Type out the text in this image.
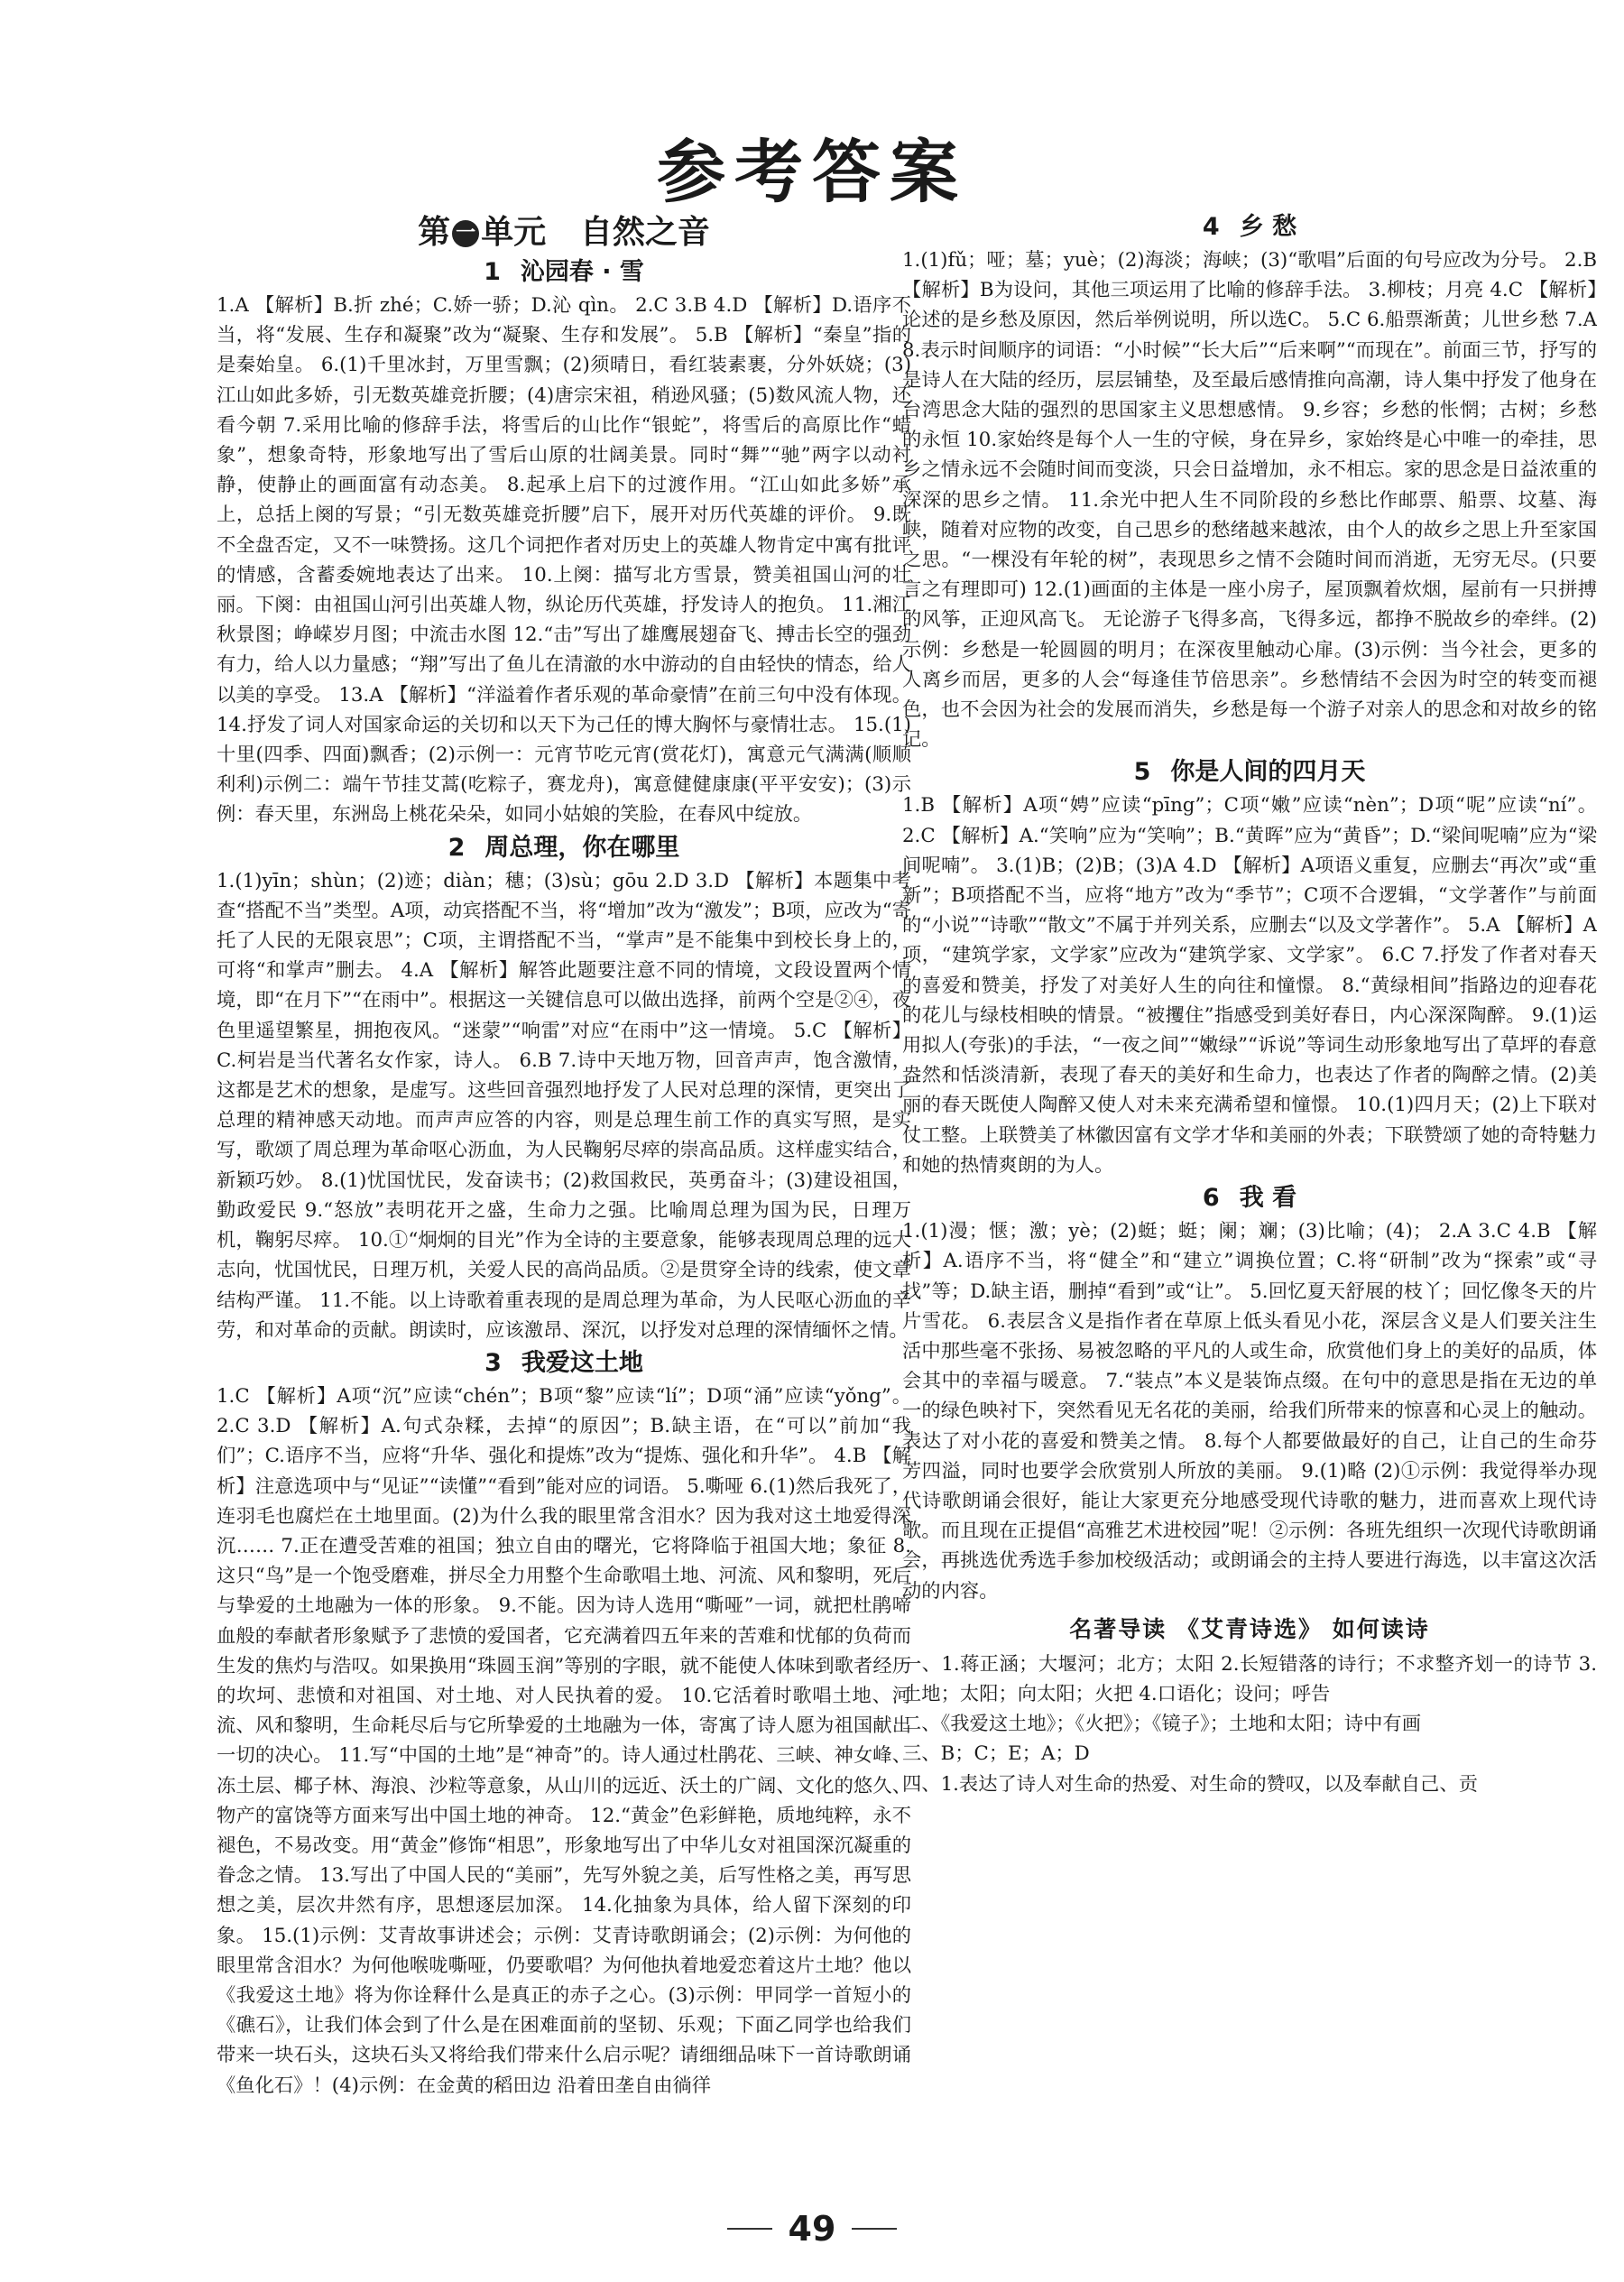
参考答案
第 一 单元 自然之音
1 沁园春 · 雪

1.A 【解析】B.折 zhé；C.娇一骄；D.沁 qìn。 2.C 3.B 4.D 【解析】D.语序不当，将“发展、生存和凝聚”改为“凝聚、生存和发展”。 5.B 【解析】“秦皇”指的是秦始皇。 6.(1)千里冰封，万里雪飘；(2)须晴日，看红装素裹，分外妖娆；(3)江山如此多娇，引无数英雄竞折腰；(4)唐宗宋祖，稍逊风骚；(5)数风流人物，还看今朝 7.采用比喻的修辞手法，将雪后的山比作“银蛇”，将雪后的高原比作“蜡象”，想象奇特，形象地写出了雪后山原的壮阔美景。同时“舞”“驰”两字以动衬静，使静止的画面富有动态美。 8.起承上启下的过渡作用。“江山如此多娇”承上，总括上阕的写景；“引无数英雄竞折腰”启下，展开对历代英雄的评价。 9.既不全盘否定，又不一味赞扬。这几个词把作者对历史上的英雄人物肯定中寓有批评的情感，含蓄委婉地表达了出来。 10.上阕：描写北方雪景，赞美祖国山河的壮丽。下阕：由祖国山河引出英雄人物，纵论历代英雄，抒发诗人的抱负。 11.湘江秋景图；峥嵘岁月图；中流击水图 12.“击”写出了雄鹰展翅奋飞、搏击长空的强劲有力，给人以力量感；“翔”写出了鱼儿在清澈的水中游动的自由轻快的情态，给人以美的享受。 13.A 【解析】“洋溢着作者乐观的革命豪情”在前三句中没有体现。 14.抒发了词人对国家命运的关切和以天下为己任的博大胸怀与豪情壮志。 15.(1)十里(四季、四面)飘香；(2)示例一：元宵节吃元宵(赏花灯)，寓意元气满满(顺顺利利)示例二：端午节挂艾蒿(吃粽子，赛龙舟)，寓意健健康康(平平安安)；(3)示例：春天里，东洲岛上桃花朵朵，如同小姑娘的笑脸，在春风中绽放。

2 周总理，你在哪里

1.(1)yīn；shùn；(2)迹；diàn；穗；(3)sù；gōu 2.D 3.D 【解析】本题集中考查“搭配不当”类型。A项，动宾搭配不当，将“增加”改为“激发”；B项，应改为“寄托了人民的无限哀思”；C项，主谓搭配不当，“掌声”是不能集中到校长身上的，可将“和掌声”删去。 4.A 【解析】解答此题要注意不同的情境，文段设置两个情境，即“在月下”“在雨中”。根据这一关键信息可以做出选择，前两个空是②④，夜色里遥望繁星，拥抱夜风。“迷蒙”“响雷”对应“在雨中”这一情境。 5.C 【解析】C.柯岩是当代著名女作家，诗人。 6.B 7.诗中天地万物，回音声声，饱含激情，这都是艺术的想象，是虚写。这些回音强烈地抒发了人民对总理的深情，更突出了总理的精神感天动地。而声声应答的内容，则是总理生前工作的真实写照，是实写，歌颂了周总理为革命呕心沥血，为人民鞠躬尽瘁的崇高品质。这样虚实结合，新颖巧妙。 8.(1)忧国忧民，发奋读书；(2)救国救民，英勇奋斗；(3)建设祖国，勤政爱民 9.“怒放”表明花开之盛，生命力之强。比喻周总理为国为民，日理万机，鞠躬尽瘁。 10.①“炯炯的目光”作为全诗的主要意象，能够表现周总理的远大志向，忧国忧民，日理万机，关爱人民的高尚品质。②是贯穿全诗的线索，使文章结构严谨。 11.不能。以上诗歌着重表现的是周总理为革命，为人民呕心沥血的辛劳，和对革命的贡献。朗读时，应该激昂、深沉，以抒发对总理的深情缅怀之情。

3 我爱这土地

1.C 【解析】A项“沉”应读“chén”；B项“黎”应读“lí”；D项“涌”应读“yǒng”。 2.C 3.D 【解析】A.句式杂糅，去掉“的原因”；B.缺主语，在“可以”前加“我们”；C.语序不当，应将“升华、强化和提炼”改为“提炼、强化和升华”。 4.B 【解析】注意选项中与“见证”“读懂”“看到”能对应的词语。 5.嘶哑 6.(1)然后我死了，连羽毛也腐烂在土地里面。(2)为什么我的眼里常含泪水？因为我对这土地爱得深沉…… 7.正在遭受苦难的祖国；独立自由的曙光，它将降临于祖国大地；象征 8.这只“鸟”是一个饱受磨难，拼尽全力用整个生命歌唱土地、河流、风和黎明，死后与挚爱的土地融为一体的形象。 9.不能。因为诗人选用“嘶哑”一词，就把杜鹃啼血般的奉献者形象赋予了悲愤的爱国者，它充满着四五年来的苦难和忧郁的负荷而生发的焦灼与浩叹。如果换用“珠圆玉润”等别的字眼，就不能使人体味到歌者经历的坎坷、悲愤和对祖国、对土地、对人民执着的爱。 10.它活着时歌唱土地、河流、风和黎明，生命耗尽后与它所挚爱的土地融为一体，寄寓了诗人愿为祖国献出一切的决心。 11.写“中国的土地”是“神奇”的。诗人通过杜鹃花、三峡、神女峰、冻土层、椰子林、海浪、沙粒等意象，从山川的远近、沃土的广阔、文化的悠久、物产的富饶等方面来写出中国土地的神奇。 12.“黄金”色彩鲜艳，质地纯粹，永不褪色，不易改变。用“黄金”修饰“相思”，形象地写出了中华儿女对祖国深沉凝重的眷念之情。 13.写出了中国人民的“美丽”，先写外貌之美，后写性格之美，再写思想之美，层次井然有序，思想逐层加深。 14.化抽象为具体，给人留下深刻的印象。 15.(1)示例：艾青故事讲述会；示例：艾青诗歌朗诵会；(2)示例：为何他的眼里常含泪水？为何他喉咙嘶哑，仍要歌唱？为何他执着地爱恋着这片土地？他以《我爱这土地》将为你诠释什么是真正的赤子之心。(3)示例：甲同学一首短小的《礁石》，让我们体会到了什么是在困难面前的坚韧、乐观；下面乙同学也给我们带来一块石头，这块石头又将给我们带来什么启示呢？请细细品味下一首诗歌朗诵《鱼化石》！(4)示例：在金黄的稻田边 沿着田垄自由徜徉

4 乡 愁

1.(1)fǔ；哑；墓；yuè；(2)海淡；海峡；(3)“歌唱”后面的句号应改为分号。 2.B 【解析】B为设问，其他三项运用了比喻的修辞手法。 3.柳枝；月亮 4.C 【解析】论述的是乡愁及原因，然后举例说明，所以选C。 5.C 6.船票渐黄；儿世乡愁 7.A 8.表示时间顺序的词语：“小时候”“长大后”“后来啊”“而现在”。前面三节，抒写的是诗人在大陆的经历，层层铺垫，及至最后感情推向高潮，诗人集中抒发了他身在台湾思念大陆的强烈的思国家主义思想感情。 9.乡容；乡愁的怅惘；古树；乡愁的永恒 10.家始终是每个人一生的守候，身在异乡，家始终是心中唯一的牵挂，思乡之情永远不会随时间而变淡，只会日益增加，永不相忘。家的思念是日益浓重的深深的思乡之情。 11.余光中把人生不同阶段的乡愁比作邮票、船票、坟墓、海峡，随着对应物的改变，自己思乡的愁绪越来越浓，由个人的故乡之思上升至家国之思。“一棵没有年轮的树”，表现思乡之情不会随时间而消逝，无穷无尽。(只要言之有理即可) 12.(1)画面的主体是一座小房子，屋顶飘着炊烟，屋前有一只拼搏的风筝，正迎风高飞。 无论游子飞得多高，飞得多远，都挣不脱故乡的牵绊。(2)示例：乡愁是一轮圆圆的明月；在深夜里触动心扉。(3)示例：当今社会，更多的人离乡而居，更多的人会“每逢佳节倍思亲”。乡愁情结不会因为时空的转变而褪色，也不会因为社会的发展而消失，乡愁是每一个游子对亲人的思念和对故乡的铭记。

5 你是人间的四月天

1.B 【解析】A项“娉”应读“pīng”；C项“嫩”应读“nèn”；D项“呢”应读“ní”。 2.C 【解析】A.“笑响”应为“笑响”；B.“黄晖”应为“黄昏”；D.“梁间呢喃”应为“梁间呢喃”。 3.(1)B；(2)B；(3)A 4.D 【解析】A项语义重复，应删去“再次”或“重新”；B项搭配不当，应将“地方”改为“季节”；C项不合逻辑，“文学著作”与前面的“小说”“诗歌”“散文”不属于并列关系，应删去“以及文学著作”。 5.A 【解析】A项，“建筑学家，文学家”应改为“建筑学家、文学家”。 6.C 7.抒发了作者对春天的喜爱和赞美，抒发了对美好人生的向往和憧憬。 8.“黄绿相间”指路边的迎春花的花儿与绿枝相映的情景。“被攫住”指感受到美好春日，内心深深陶醉。 9.(1)运用拟人(夸张)的手法，“一夜之间”“嫩绿”“诉说”等词生动形象地写出了草坪的春意盎然和恬淡清新，表现了春天的美好和生命力，也表达了作者的陶醉之情。(2)美丽的春天既使人陶醉又使人对未来充满希望和憧憬。 10.(1)四月天；(2)上下联对仗工整。上联赞美了林徽因富有文学才华和美丽的外表；下联赞颂了她的奇特魅力和她的热情爽朗的为人。

6 我 看

1.(1)漫；惬；激；yè；(2)蜓；蜓；阑；斓；(3)比喻；(4)； 2.A 3.C 4.B 【解析】A.语序不当，将“健全”和“建立”调换位置；C.将“研制”改为“探索”或“寻找”等；D.缺主语，删掉“看到”或“让”。 5.回忆夏天舒展的枝丫；回忆像冬天的片片雪花。 6.表层含义是指作者在草原上低头看见小花，深层含义是人们要关注生活中那些毫不张扬、易被忽略的平凡的人或生命，欣赏他们身上的美好的品质，体会其中的幸福与暖意。 7.“装点”本义是装饰点缀。在句中的意思是指在无边的单一的绿色映衬下，突然看见无名花的美丽，给我们所带来的惊喜和心灵上的触动。表达了对小花的喜爱和赞美之情。 8.每个人都要做最好的自己，让自己的生命芬芳四溢，同时也要学会欣赏别人所放的美丽。 9.(1)略 (2)①示例：我觉得举办现代诗歌朗诵会很好，能让大家更充分地感受现代诗歌的魅力，进而喜欢上现代诗歌。而且现在正提倡“高雅艺术进校园”呢！②示例：各班先组织一次现代诗歌朗诵会，再挑选优秀选手参加校级活动；或朗诵会的主持人要进行海选，以丰富这次活动的内容。

名著导读 《艾青诗选》 如何读诗

一、1.蒋正涵；大堰河；北方；太阳 2.长短错落的诗行；不求整齐划一的诗节 3.土地；太阳；向太阳；火把 4.口语化；设问；呼告

二、《我爱这土地》；《火把》；《镜子》；土地和太阳；诗中有画

三、B；C；E；A；D

四、1.表达了诗人对生命的热爱、对生命的赞叹，以及奉献自己、贡

49
